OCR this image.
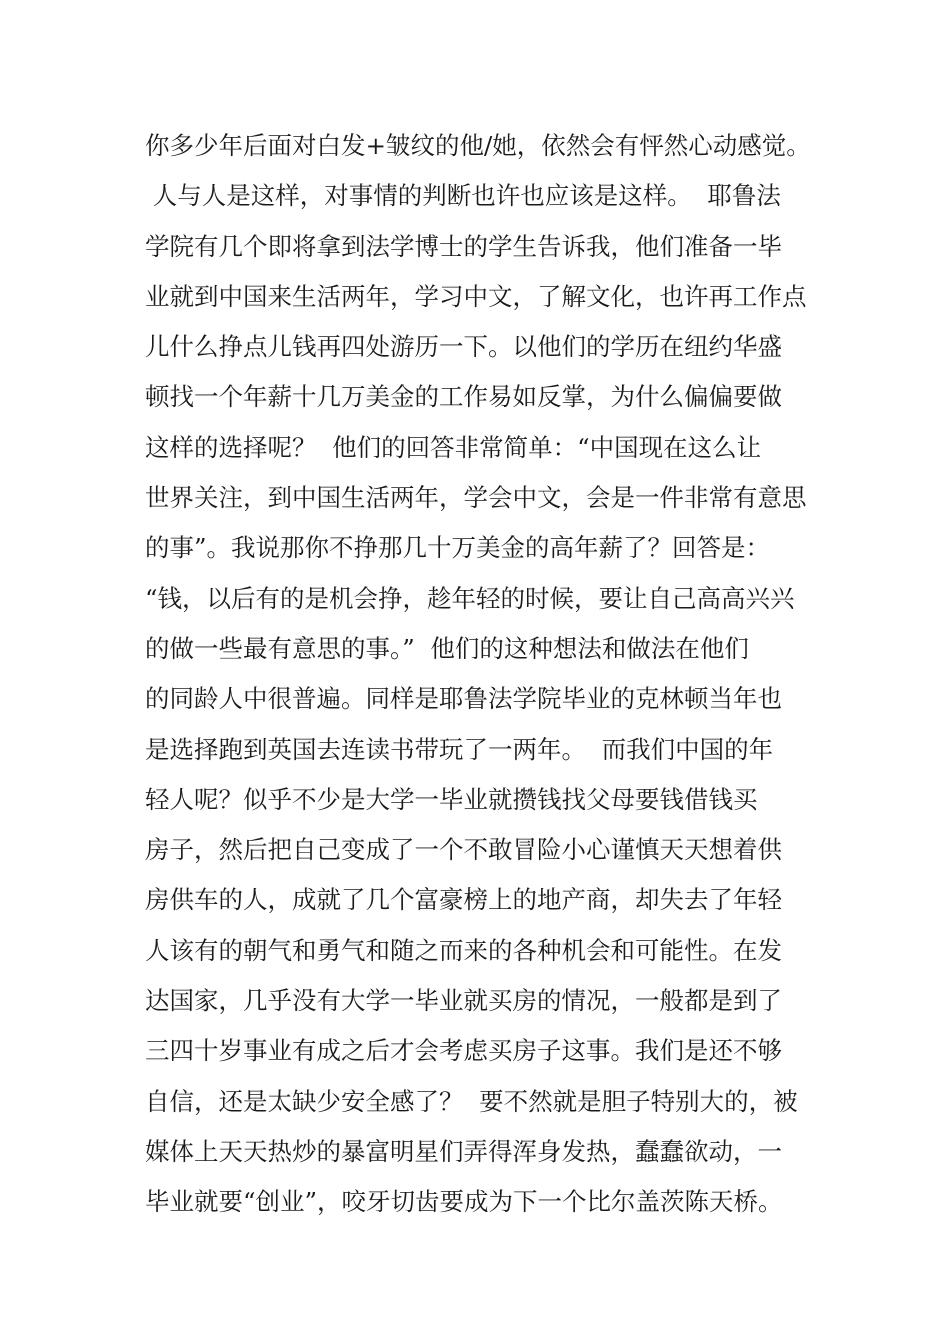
你多少年后面对白发+皱纹的他/她，依然会有怦然心动感觉。
人与人是这样，对事情的判断也许也应该是这样。  耶鲁法
学院有几个即将拿到法学博士的学生告诉我，他们准备一毕
业就到中国来生活两年，学习中文，了解文化，也许再工作点
儿什么挣点儿钱再四处游历一下。以他们的学历在纽约华盛
顿找一个年薪十几万美金的工作易如反掌，为什么偏偏要做
这样的选择呢？  他们的回答非常简单：“中国现在这么让
世界关注，到中国生活两年，学会中文，会是一件非常有意思
的事”。我说那你不挣那几十万美金的高年薪了？回答是：
“钱，以后有的是机会挣，趁年轻的时候，要让自己高高兴兴
的做一些最有意思的事。”  他们的这种想法和做法在他们
的同龄人中很普遍。同样是耶鲁法学院毕业的克林顿当年也
是选择跑到英国去连读书带玩了一两年。  而我们中国的年
轻人呢？似乎不少是大学一毕业就攒钱找父母要钱借钱买
房子，然后把自己变成了一个不敢冒险小心谨慎天天想着供
房供车的人，成就了几个富豪榜上的地产商，却失去了年轻
人该有的朝气和勇气和随之而来的各种机会和可能性。在发
达国家，几乎没有大学一毕业就买房的情况，一般都是到了
三四十岁事业有成之后才会考虑买房子这事。我们是还不够
自信，还是太缺少安全感了？  要不然就是胆子特别大的，被
媒体上天天热炒的暴富明星们弄得浑身发热，蠢蠢欲动，一
毕业就要“创业”，咬牙切齿要成为下一个比尔盖茨陈天桥。
